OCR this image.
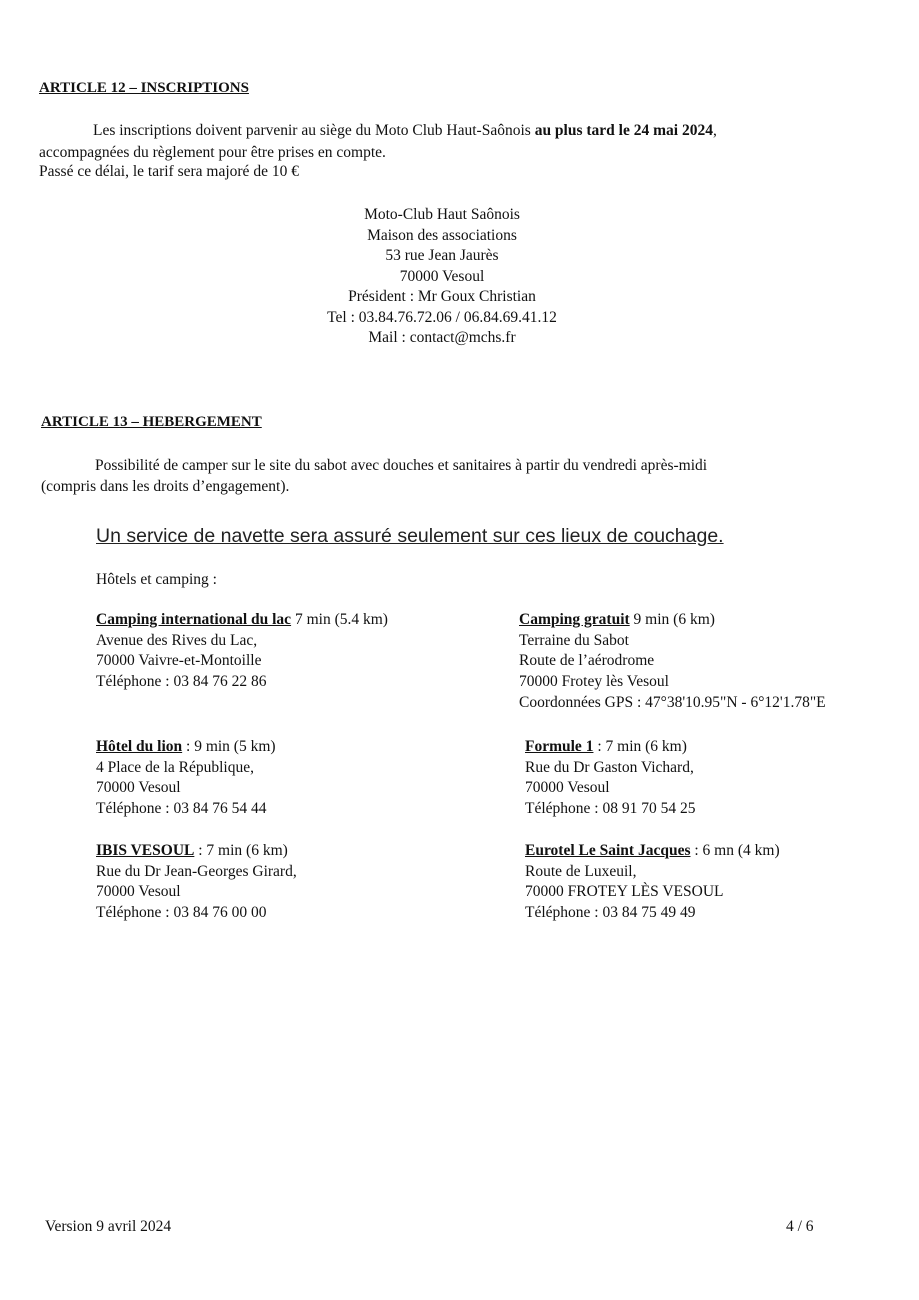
ARTICLE 12 – INSCRIPTIONS
Les inscriptions doivent parvenir au siège du Moto Club Haut-Saônois au plus tard le 24 mai 2024,
accompagnées du règlement pour être prises en compte.
Passé ce délai, le tarif sera majoré de 10 €
Moto-Club Haut Saônois
Maison des associations
53 rue Jean Jaurès
70000 Vesoul
Président : Mr Goux Christian
Tel : 03.84.76.72.06 / 06.84.69.41.12
Mail : contact@mchs.fr
ARTICLE 13 – HEBERGEMENT
Possibilité de camper sur le site du sabot avec douches et sanitaires à partir du vendredi après-midi
(compris dans les droits d’engagement).
Un service de navette sera assuré seulement sur ces lieux de couchage.
Hôtels et camping :
Camping international du lac 7 min (5.4 km)
Avenue des Rives du Lac,
70000 Vaivre-et-Montoille
Téléphone : 03 84 76 22 86
Camping gratuit 9 min (6 km)
Terraine du Sabot
Route de l’aérodrome
70000 Frotey lès Vesoul
Coordonnées GPS : 47°38'10.95"N - 6°12'1.78"E
Hôtel du lion : 9 min (5 km)
4 Place de la République,
70000 Vesoul
Téléphone : 03 84 76 54 44
Formule 1 : 7 min (6 km)
Rue du Dr Gaston Vichard,
70000 Vesoul
Téléphone : 08 91 70 54 25
IBIS VESOUL : 7 min (6 km)
Rue du Dr Jean-Georges Girard,
70000 Vesoul
Téléphone : 03 84 76 00 00
Eurotel Le Saint Jacques : 6 mn (4 km)
Route de Luxeuil,
70000 FROTEY LÈS VESOUL
Téléphone : 03 84 75 49 49
Version 9 avril 2024	4 / 6
